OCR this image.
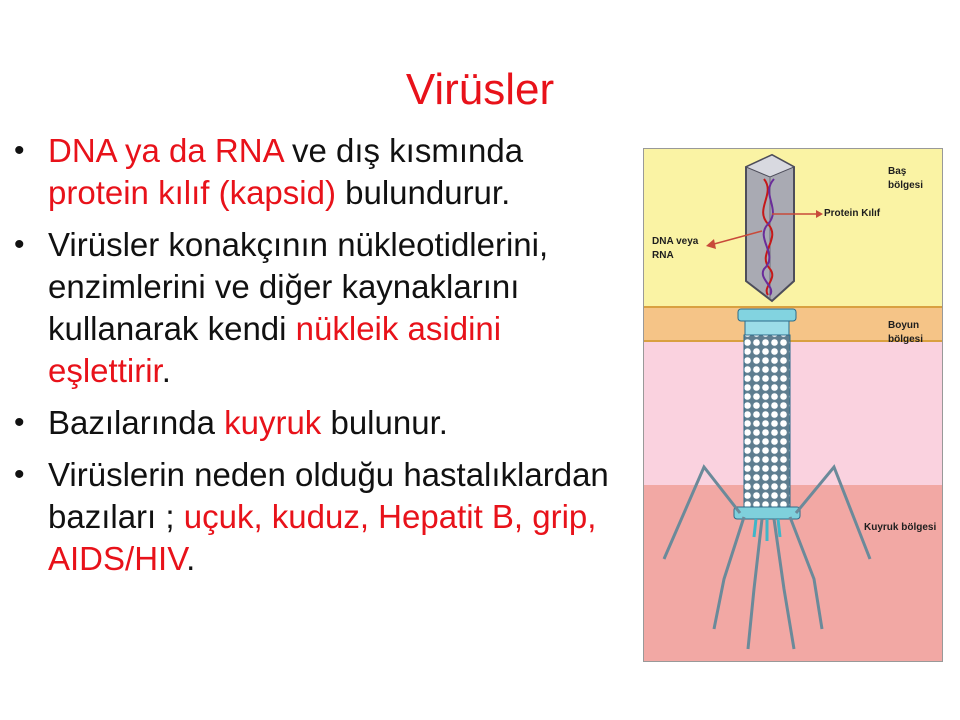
Virüsler
• DNA ya da RNA ve dış kısmında protein kılıf (kapsid) bulundurur.
• Virüsler konakçının nükleotidlerini, enzimlerini ve diğer kaynaklarını kullanarak kendi nükleik asidini eşlettirir.
• Bazılarında kuyruk bulunur.
• Virüslerin neden olduğu hastalıklardan bazıları ; uçuk, kuduz, Hepatit B, grip, AIDS/HIV.
Baş
bölgesi
Protein Kılıf
DNA veya
RNA
Boyun
bölgesi
Kuyruk bölgesi
